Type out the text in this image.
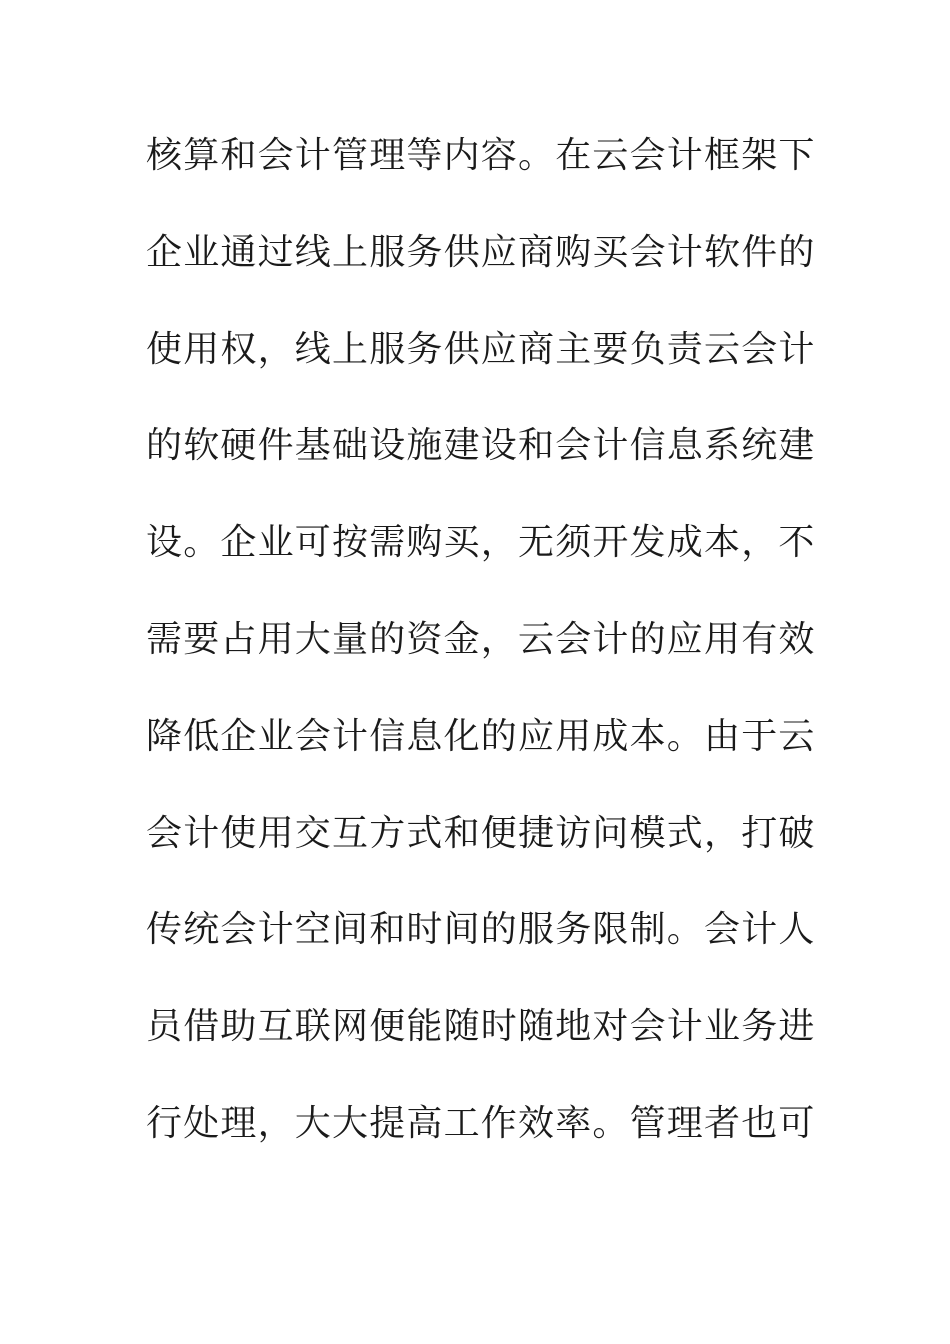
核算和会计管理等内容。在云会计框架下
企业通过线上服务供应商购买会计软件的
使用权，线上服务供应商主要负责云会计
的软硬件基础设施建设和会计信息系统建
设。企业可按需购买，无须开发成本，不
需要占用大量的资金，云会计的应用有效
降低企业会计信息化的应用成本。由于云
会计使用交互方式和便捷访问模式，打破
传统会计空间和时间的服务限制。会计人
员借助互联网便能随时随地对会计业务进
行处理，大大提高工作效率。管理者也可
